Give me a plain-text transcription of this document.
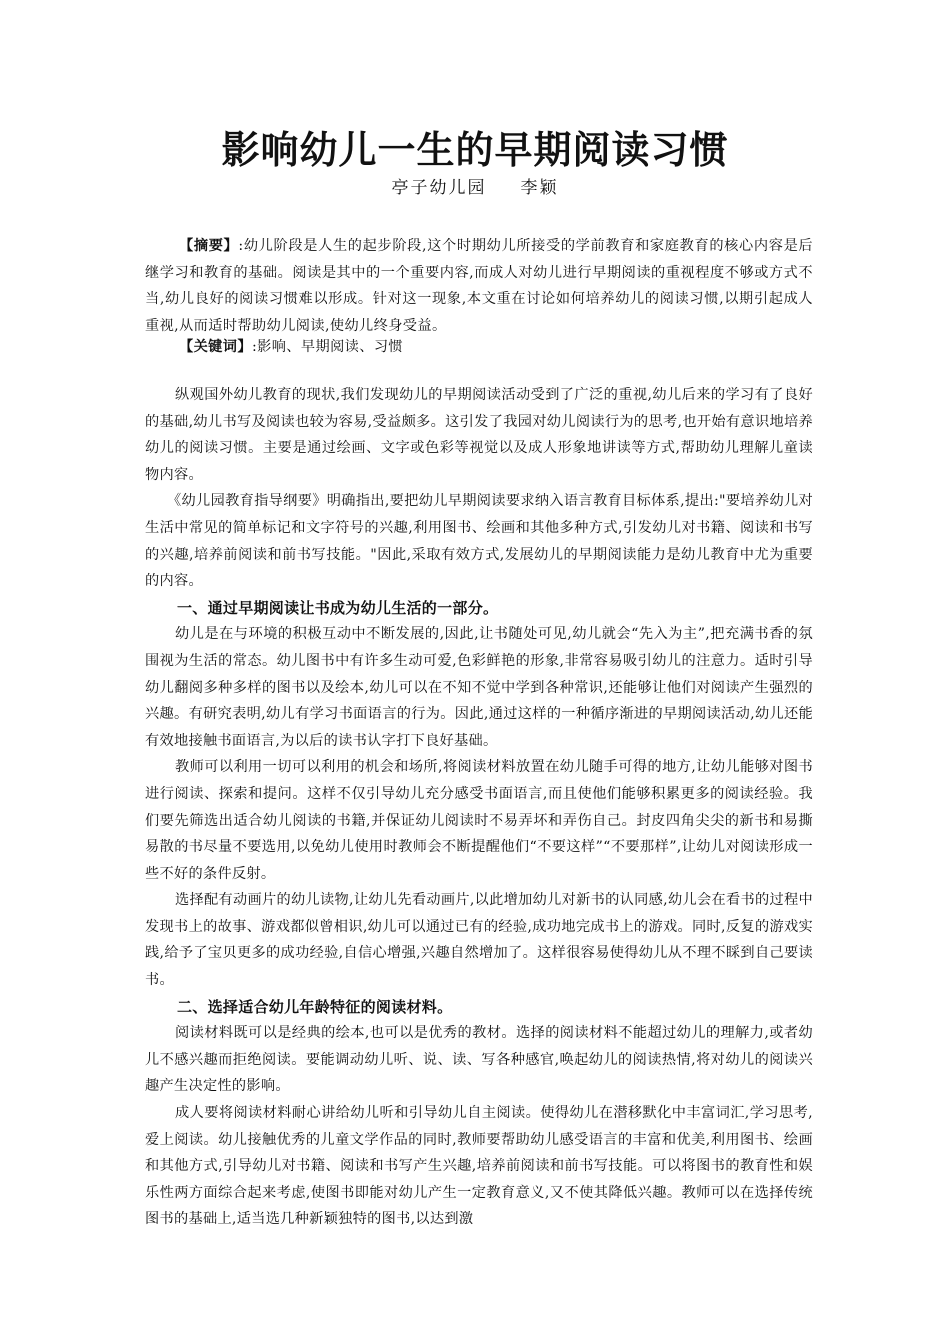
影响幼儿一生的早期阅读习惯
亭子幼儿园 李颖
【摘要】:幼儿阶段是人生的起步阶段,这个时期幼儿所接受的学前教育和家庭教育的核心内容是后继学习和教育的基础。阅读是其中的一个重要内容,而成人对幼儿进行早期阅读的重视程度不够或方式不当,幼儿良好的阅读习惯难以形成。针对这一现象,本文重在讨论如何培养幼儿的阅读习惯,以期引起成人重视,从而适时帮助幼儿阅读,使幼儿终身受益。
【关键词】:影响、早期阅读、习惯

纵观国外幼儿教育的现状,我们发现幼儿的早期阅读活动受到了广泛的重视,幼儿后来的学习有了良好的基础,幼儿书写及阅读也较为容易,受益颇多。这引发了我园对幼儿阅读行为的思考,也开始有意识地培养幼儿的阅读习惯。主要是通过绘画、文字或色彩等视觉以及成人形象地讲读等方式,帮助幼儿理解儿童读物内容。

《幼儿园教育指导纲要》明确指出,要把幼儿早期阅读要求纳入语言教育目标体系,提出:"要培养幼儿对生活中常见的简单标记和文字符号的兴趣,利用图书、绘画和其他多种方式,引发幼儿对书籍、阅读和书写的兴趣,培养前阅读和前书写技能。"因此,采取有效方式,发展幼儿的早期阅读能力是幼儿教育中尤为重要的内容。

一、通过早期阅读让书成为幼儿生活的一部分。

幼儿是在与环境的积极互动中不断发展的,因此,让书随处可见,幼儿就会“先入为主”,把充满书香的氛围视为生活的常态。幼儿图书中有许多生动可爱,色彩鲜艳的形象,非常容易吸引幼儿的注意力。适时引导幼儿翻阅多种多样的图书以及绘本,幼儿可以在不知不觉中学到各种常识,还能够让他们对阅读产生强烈的兴趣。有研究表明,幼儿有学习书面语言的行为。因此,通过这样的一种循序渐进的早期阅读活动,幼儿还能有效地接触书面语言,为以后的读书认字打下良好基础。

教师可以利用一切可以利用的机会和场所,将阅读材料放置在幼儿随手可得的地方,让幼儿能够对图书进行阅读、探索和提问。这样不仅引导幼儿充分感受书面语言,而且使他们能够积累更多的阅读经验。我们要先筛选出适合幼儿阅读的书籍,并保证幼儿阅读时不易弄坏和弄伤自己。封皮四角尖尖的新书和易撕易散的书尽量不要选用,以免幼儿使用时教师会不断提醒他们“不要这样”“不要那样”,让幼儿对阅读形成一些不好的条件反射。

选择配有动画片的幼儿读物,让幼儿先看动画片,以此增加幼儿对新书的认同感,幼儿会在看书的过程中发现书上的故事、游戏都似曾相识,幼儿可以通过已有的经验,成功地完成书上的游戏。同时,反复的游戏实践,给予了宝贝更多的成功经验,自信心增强,兴趣自然增加了。这样很容易使得幼儿从不理不睬到自己要读书。

二、选择适合幼儿年龄特征的阅读材料。

阅读材料既可以是经典的绘本,也可以是优秀的教材。选择的阅读材料不能超过幼儿的理解力,或者幼儿不感兴趣而拒绝阅读。要能调动幼儿听、说、读、写各种感官,唤起幼儿的阅读热情,将对幼儿的阅读兴趣产生决定性的影响。

成人要将阅读材料耐心讲给幼儿听和引导幼儿自主阅读。使得幼儿在潜移默化中丰富词汇,学习思考,爱上阅读。幼儿接触优秀的儿童文学作品的同时,教师要帮助幼儿感受语言的丰富和优美,利用图书、绘画和其他方式,引导幼儿对书籍、阅读和书写产生兴趣,培养前阅读和前书写技能。可以将图书的教育性和娱乐性两方面综合起来考虑,使图书即能对幼儿产生一定教育意义,又不使其降低兴趣。教师可以在选择传统图书的基础上,适当选几种新颖独特的图书,以达到激
